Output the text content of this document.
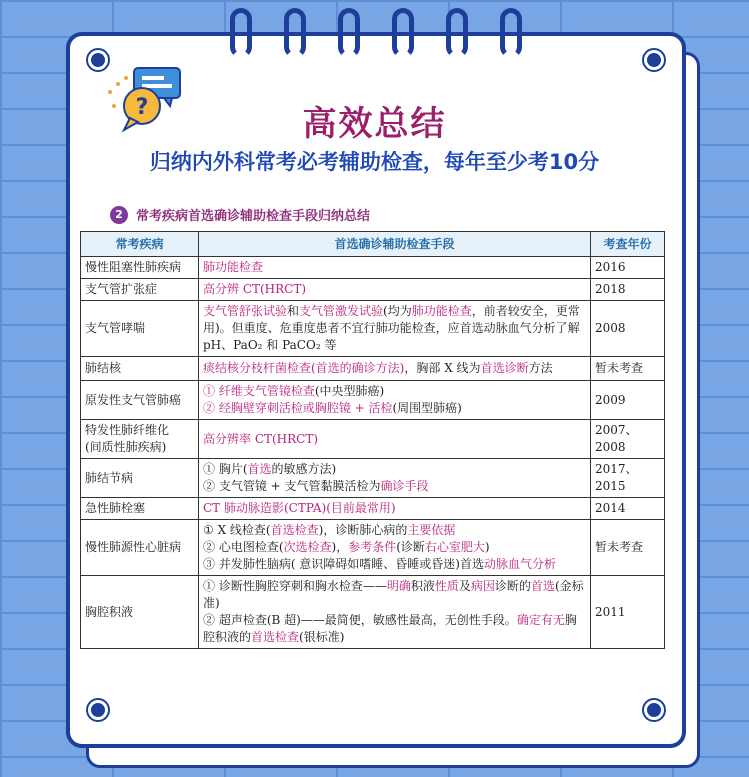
?	高效总结
归纳内外科常考必考辅助检查，每年至少考10分
2	常考疾病首选确诊辅助检查手段归纳总结
常考疾病	首选确诊辅助检查手段	考查年份
慢性阻塞性肺疾病	肺功能检查	2016
支气管扩张症	高分辨 CT(HRCT)	2018
支气管哮喘	支气管舒张试验和支气管激发试验(均为肺功能检查，前者较安全，更常用)。但重度、危重度患者不宜行肺功能检查，应首选动脉血气分析了解 pH、PaO₂ 和 PaCO₂ 等	2008
肺结核	痰结核分枝杆菌检查(首选的确诊方法)，胸部 X 线为首选诊断方法	暂未考查
原发性支气管肺癌	① 纤维支气管镜检查(中央型肺癌)
② 经胸壁穿刺活检或胸腔镜 + 活检(周围型肺癌)	2009

特发性肺纤维化
(间质性肺疾病)	高分辨率 CT(HRCT)	2007、2008
肺结节病	① 胸片(首选的敏感方法)
② 支气管镜 + 支气管黏膜活检为确诊手段	2017、2015
急性肺栓塞	CT 肺动脉造影(CTPA)(目前最常用)	2014
慢性肺源性心脏病	① X 线检查(首选检查)，诊断肺心病的主要依据
② 心电图检查(次选检查)，参考条件(诊断右心室肥大)
③ 并发肺性脑病( 意识障碍如嗜睡、昏睡或昏迷)首选动脉血气分析	暂未考查
胸腔积液	① 诊断性胸腔穿刺和胸水检查——明确积液性质及病因诊断的首选(金标准)
② 超声检查(B 超)——最简便，敏感性最高，无创性手段。确定有无胸腔积液的首选检查(银标准)	2011
